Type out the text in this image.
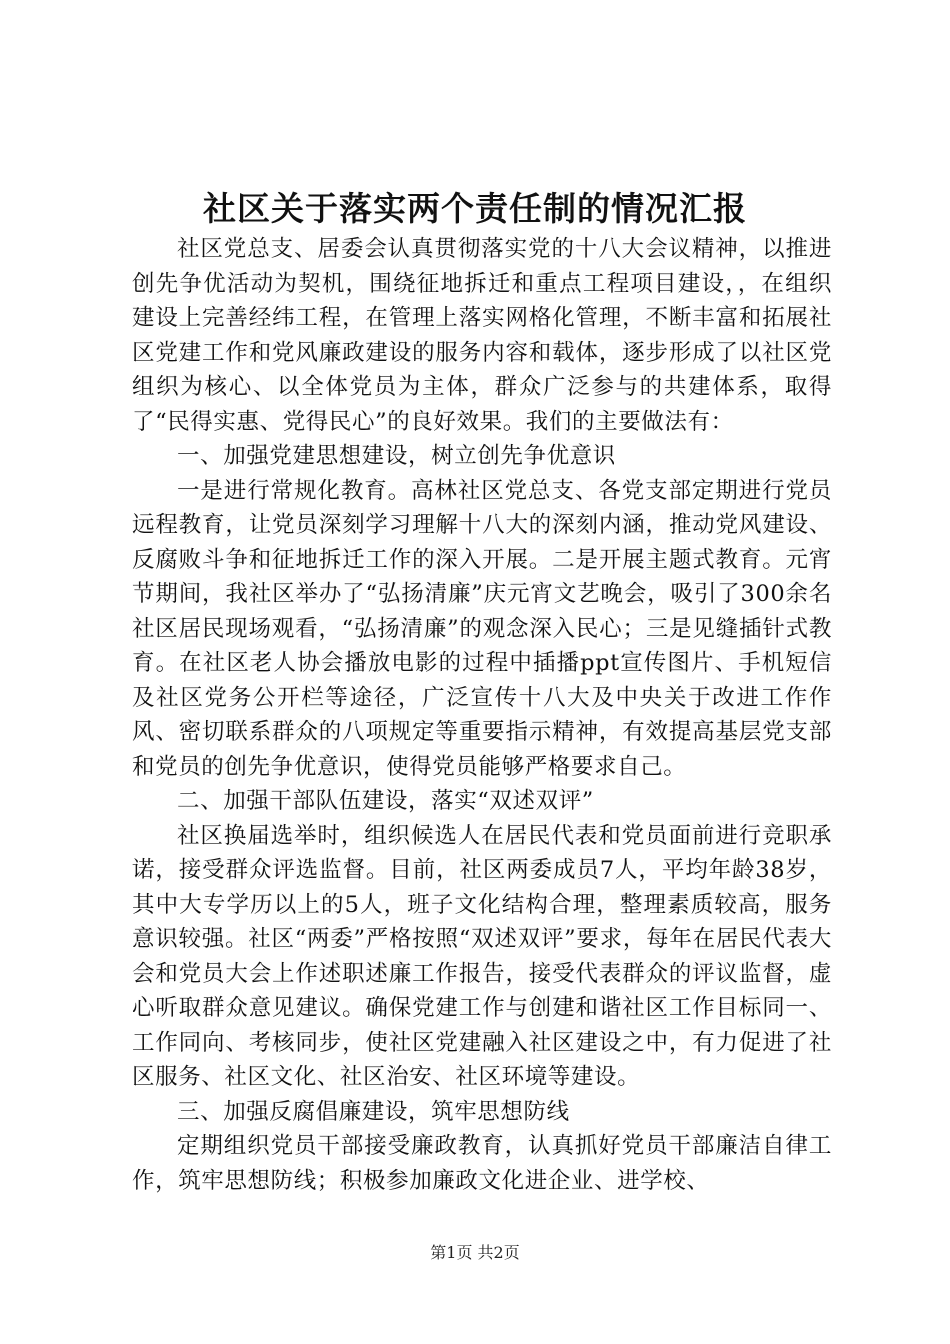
社区关于落实两个责任制的情况汇报

社区党总支、居委会认真贯彻落实党的十八大会议精神，以推进创先争优活动为契机，围绕征地拆迁和重点工程项目建设，，在组织建设上完善经纬工程，在管理上落实网格化管理，不断丰富和拓展社区党建工作和党风廉政建设的服务内容和载体，逐步形成了以社区党组织为核心、以全体党员为主体，群众广泛参与的共建体系，取得了“民得实惠、党得民心”的良好效果。我们的主要做法有：

一、加强党建思想建设，树立创先争优意识

一是进行常规化教育。高林社区党总支、各党支部定期进行党员远程教育，让党员深刻学习理解十八大的深刻内涵，推动党风建设、反腐败斗争和征地拆迁工作的深入开展。二是开展主题式教育。元宵节期间，我社区举办了“弘扬清廉”庆元宵文艺晚会，吸引了300余名社区居民现场观看，“弘扬清廉”的观念深入民心；三是见缝插针式教育。在社区老人协会播放电影的过程中插播ppt宣传图片、手机短信及社区党务公开栏等途径，广泛宣传十八大及中央关于改进工作作风、密切联系群众的八项规定等重要指示精神，有效提高基层党支部和党员的创先争优意识，使得党员能够严格要求自己。

二、加强干部队伍建设，落实“双述双评”

社区换届选举时，组织候选人在居民代表和党员面前进行竞职承诺，接受群众评选监督。目前，社区两委成员7人，平均年龄38岁，其中大专学历以上的5人，班子文化结构合理，整理素质较高，服务意识较强。社区“两委”严格按照“双述双评”要求，每年在居民代表大会和党员大会上作述职述廉工作报告，接受代表群众的评议监督，虚心听取群众意见建议。确保党建工作与创建和谐社区工作目标同一、工作同向、考核同步，使社区党建融入社区建设之中，有力促进了社区服务、社区文化、社区治安、社区环境等建设。

三、加强反腐倡廉建设，筑牢思想防线

定期组织党员干部接受廉政教育，认真抓好党员干部廉洁自律工作，筑牢思想防线；积极参加廉政文化进企业、进学校、

第1页 共2页
